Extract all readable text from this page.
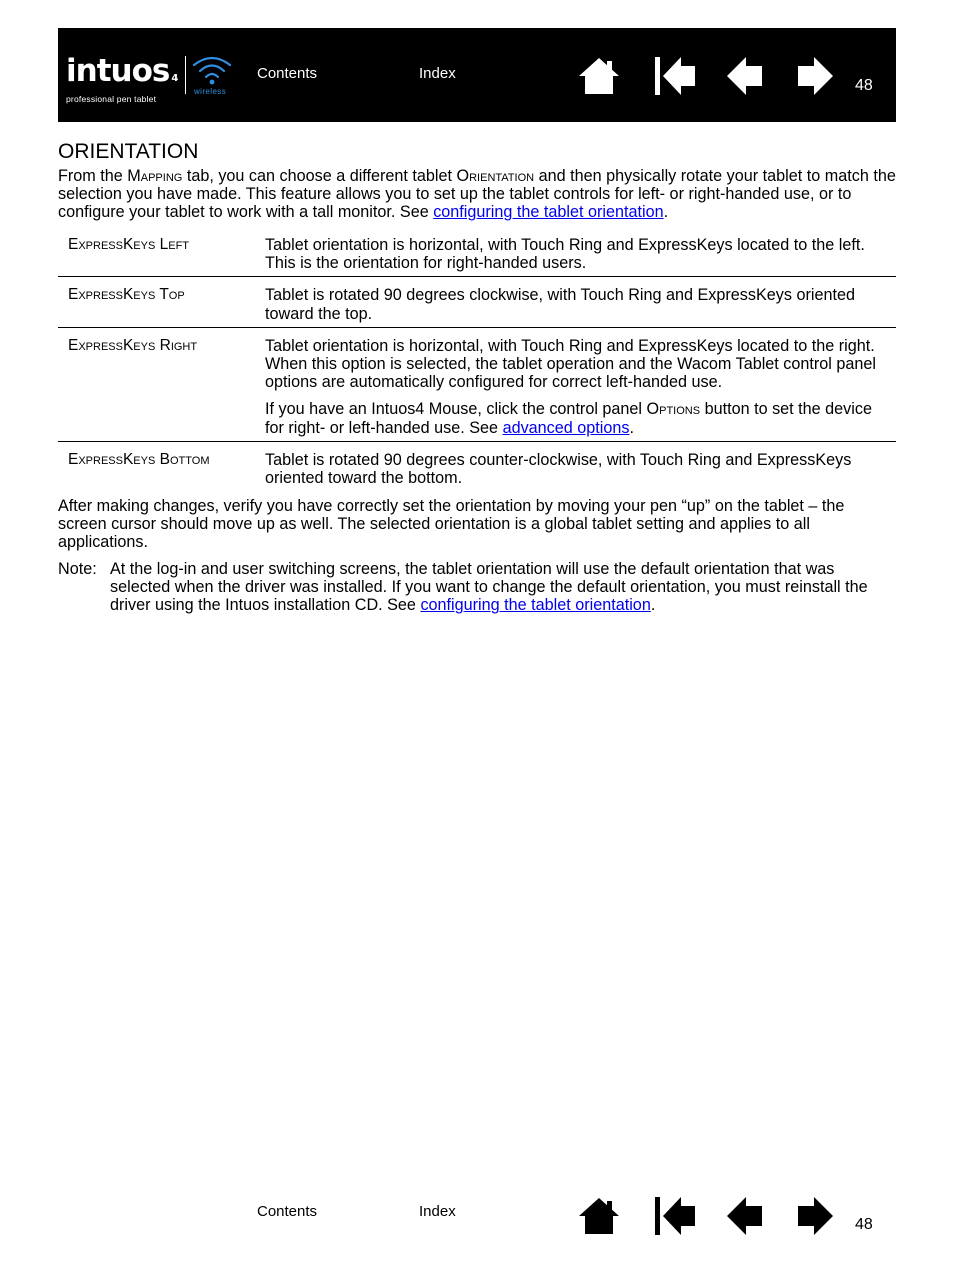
intuos 4
professional pen tablet
wireless
Contents	Index
48
ORIENTATION

From the Mapping tab, you can choose a different tablet Orientation and then physically rotate your tablet to match the selection you have made. This feature allows you to set up the tablet controls for left- or right-handed use, or to configure your tablet to work with a tall monitor. See configuring the tablet orientation.

ExpressKeys Left	Tablet orientation is horizontal, with Touch Ring and ExpressKeys located to the left. This is the orientation for right-handed users.
ExpressKeys Top	Tablet is rotated 90 degrees clockwise, with Touch Ring and ExpressKeys oriented toward the top.
ExpressKeys Right	Tablet orientation is horizontal, with Touch Ring and ExpressKeys located to the right. When this option is selected, the tablet operation and the Wacom Tablet control panel options are automatically configured for correct left-handed use.
If you have an Intuos4 Mouse, click the control panel Options button to set the device for right- or left-handed use. See advanced options.

ExpressKeys Bottom	Tablet is rotated 90 degrees counter-clockwise, with Touch Ring and ExpressKeys oriented toward the bottom.

After making changes, verify you have correctly set the orientation by moving your pen “up” on the tablet – the screen cursor should move up as well. The selected orientation is a global tablet setting and applies to all applications.

Note: At the log-in and user switching screens, the tablet orientation will use the default orientation that was selected when the driver was installed. If you want to change the default orientation, you must reinstall the driver using the Intuos installation CD. See configuring the tablet orientation.
Contents	Index
48
